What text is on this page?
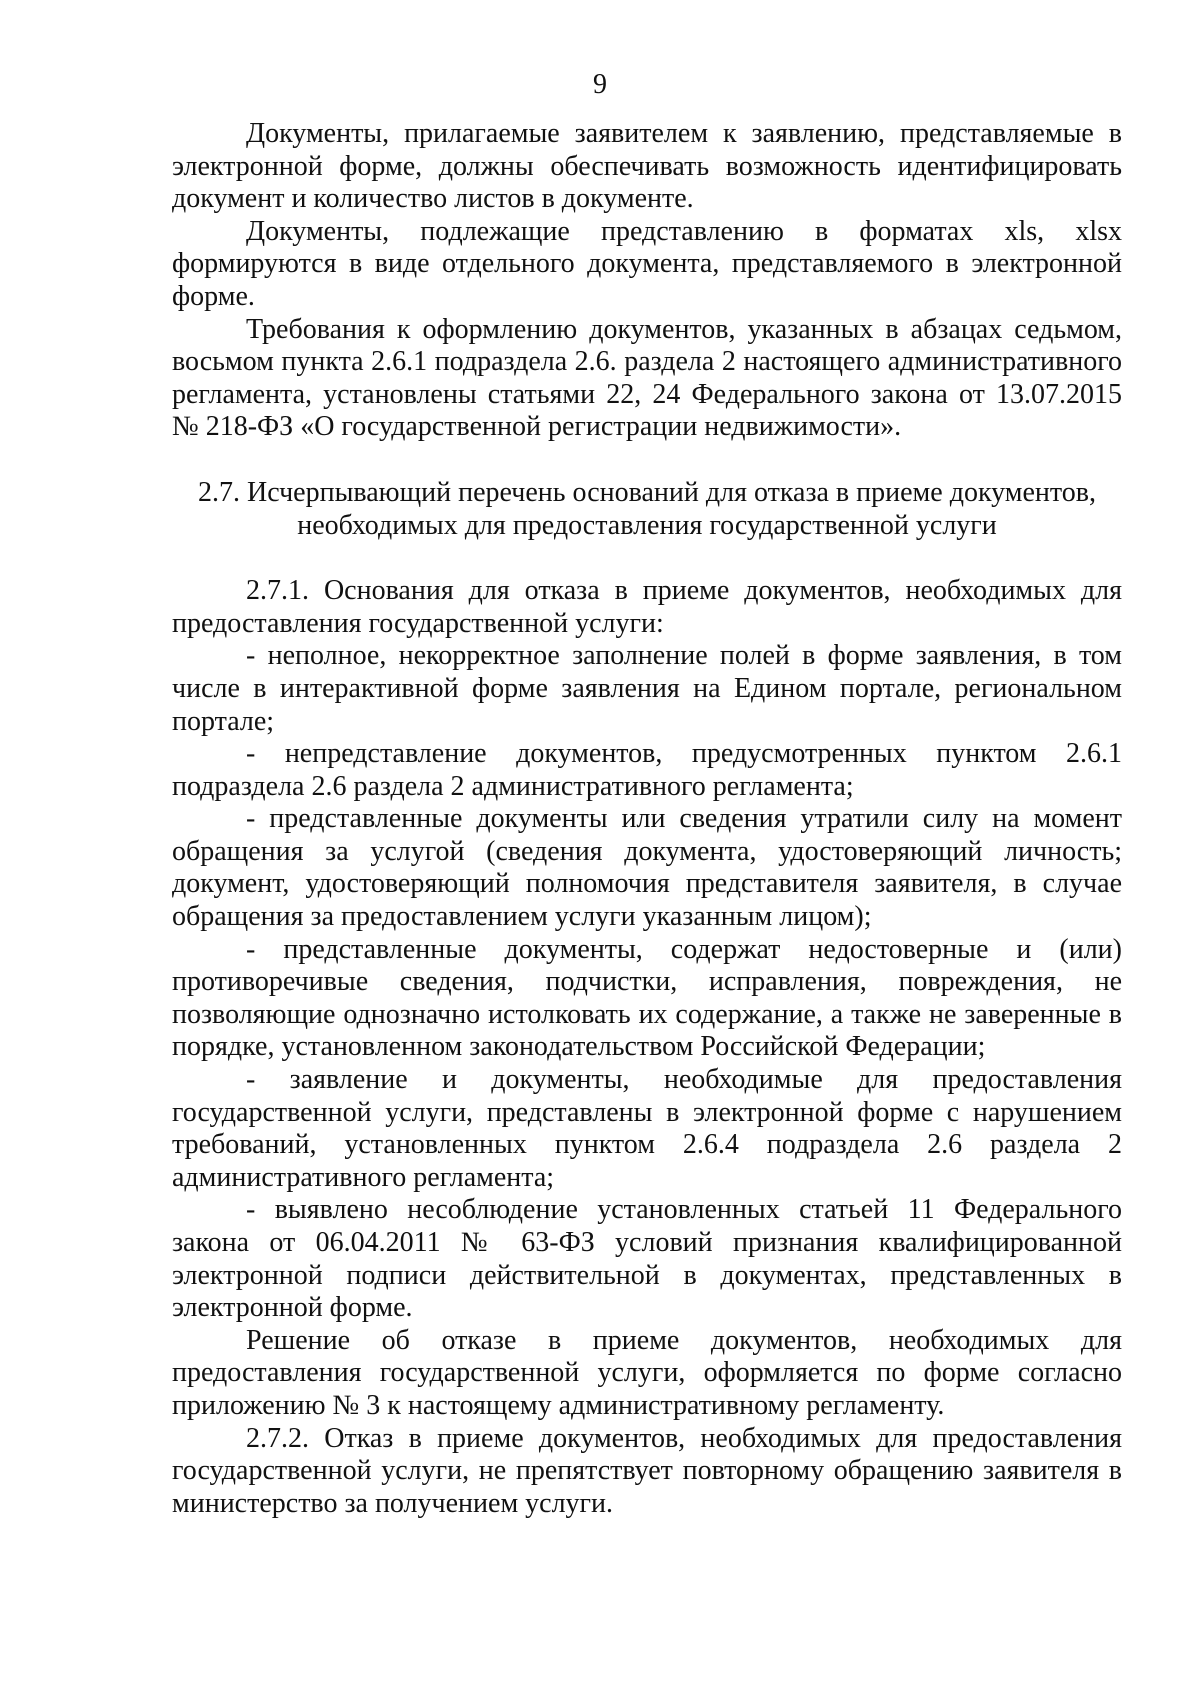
9

Документы, прилагаемые заявителем к заявлению, представляемые в электронной форме, должны обеспечивать возможность идентифицировать документ и количество листов в документе.

Документы, подлежащие представлению в форматах xls, xlsx формируются в виде отдельного документа, представляемого в электронной форме.

Требования к оформлению документов, указанных в абзацах седьмом, восьмом пункта 2.6.1 подраздела 2.6. раздела 2 настоящего административного регламента, установлены статьями 22, 24 Федерального закона от 13.07.2015 № 218-ФЗ «О государственной регистрации недвижимости».

2.7. Исчерпывающий перечень оснований для отказа в приеме документов,
необходимых для предоставления государственной услуги

2.7.1. Основания для отказа в приеме документов, необходимых для предоставления государственной услуги:

- неполное, некорректное заполнение полей в форме заявления, в том числе в интерактивной форме заявления на Едином портале, региональном портале;

- непредставление документов, предусмотренных пунктом 2.6.1 подраздела 2.6 раздела 2 административного регламента;

- представленные документы или сведения утратили силу на момент обращения за услугой (сведения документа, удостоверяющий личность; документ, удостоверяющий полномочия представителя заявителя, в случае обращения за предоставлением услуги указанным лицом);

- представленные документы, содержат недостоверные и (или) противоречивые сведения, подчистки, исправления, повреждения, не позволяющие однозначно истолковать их содержание, а также не заверенные в порядке, установленном законодательством Российской Федерации;

- заявление и документы, необходимые для предоставления государственной услуги, представлены в электронной форме с нарушением требований, установленных пунктом 2.6.4 подраздела 2.6 раздела 2 административного регламента;

- выявлено несоблюдение установленных статьей 11 Федерального закона от 06.04.2011 № 63-ФЗ условий признания квалифицированной электронной подписи действительной в документах, представленных в электронной форме.

Решение об отказе в приеме документов, необходимых для предоставления государственной услуги, оформляется по форме согласно приложению № 3 к настоящему административному регламенту.

2.7.2. Отказ в приеме документов, необходимых для предоставления государственной услуги, не препятствует повторному обращению заявителя в министерство за получением услуги.
